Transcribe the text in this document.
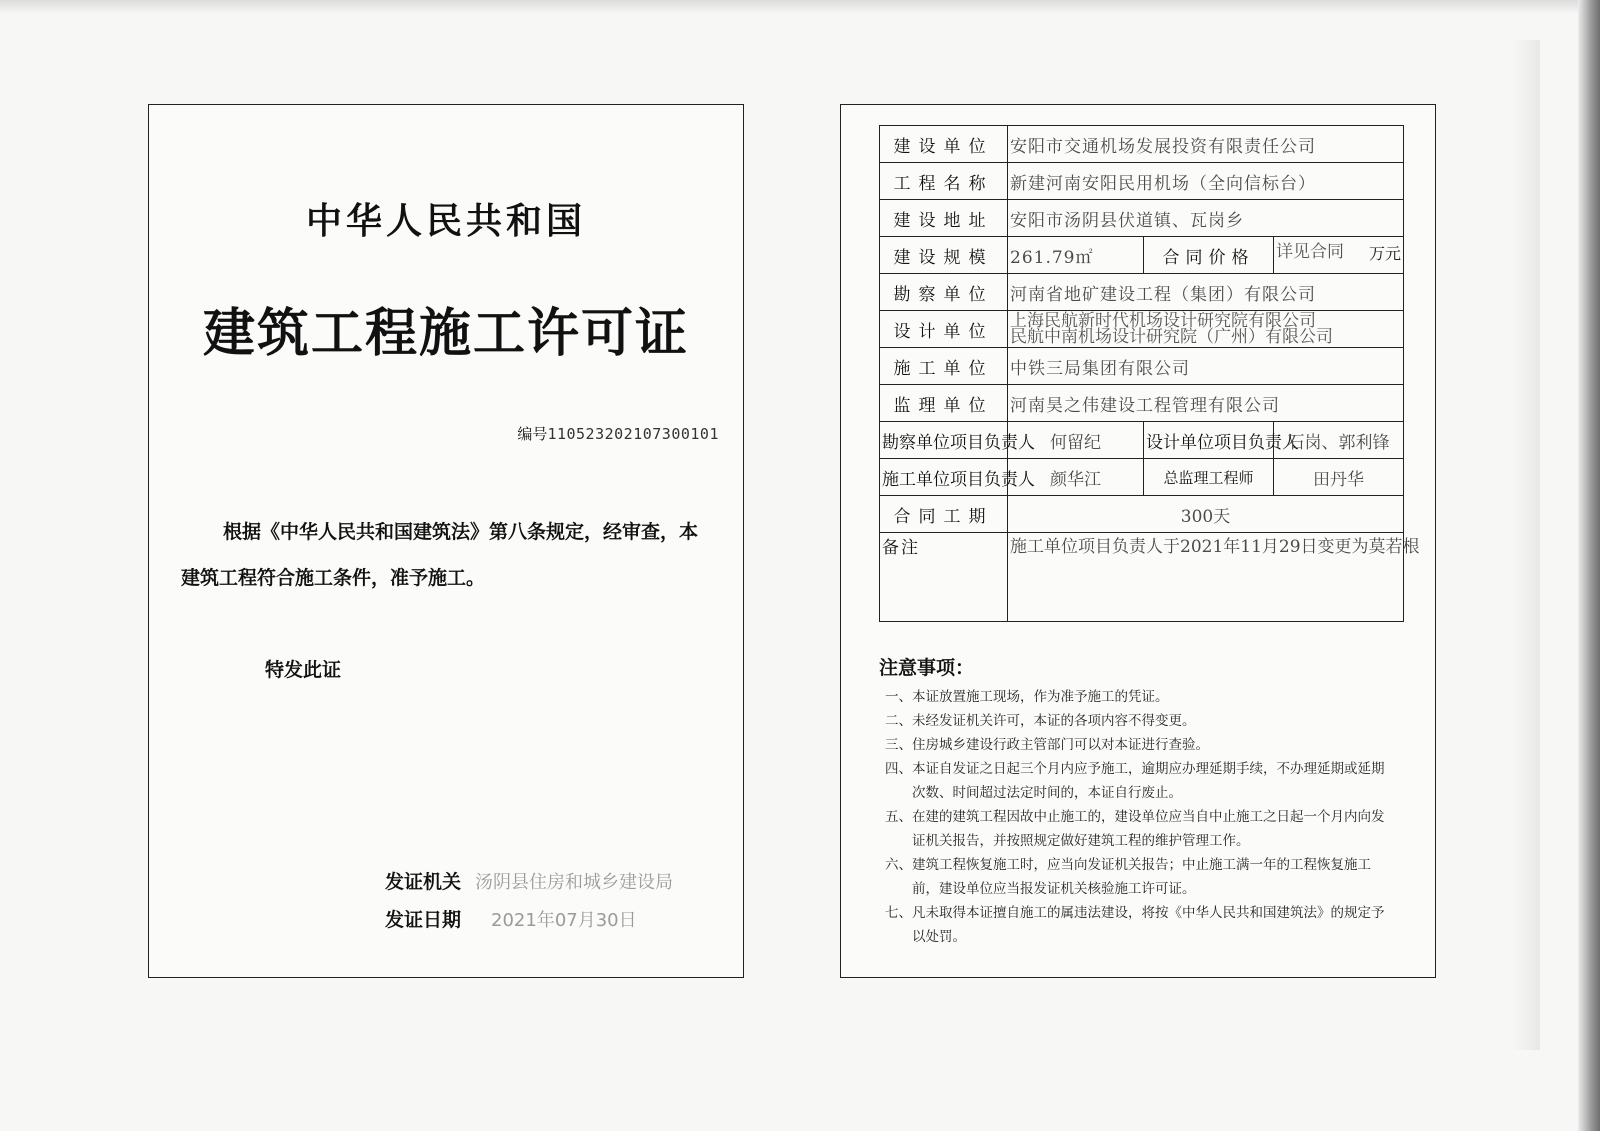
中华人民共和国
建筑工程施工许可证
编号110523202107300101
根据《中华人民共和国建筑法》第八条规定，经审查，本建筑工程符合施工条件，准予施工。
特发此证
发证机关 汤阴县住房和城乡建设局
发证日期 2021年07月30日
建设单位	安阳市交通机场发展投资有限责任公司		
工程名称	新建河南安阳民用机场（全向信标台）		
建设地址	安阳市汤阴县伏道镇、瓦岗乡		
建设规模	261.79㎡	合同价格	详见合同 万元

勘察单位	河南省地矿建设工程（集团）有限公司		
设计单位	上海民航新时代机场设计研究院有限公司
民航中南机场设计研究院（广州）有限公司		

施工单位	中铁三局集团有限公司		
监理单位	河南昊之伟建设工程管理有限公司		
勘察单位项目负责人	何留纪	设计单位项目负责人	石岗、郭利锋
施工单位项目负责人	颜华江	总监理工程师	田丹华
合同工期	300天		
备注	施工单位项目负责人于2021年11月29日变更为莫若根		
注意事项：
一、 本证放置施工现场，作为准予施工的凭证。
二、 未经发证机关许可，本证的各项内容不得变更。
三、 住房城乡建设行政主管部门可以对本证进行查验。
四、 本证自发证之日起三个月内应予施工，逾期应办理延期手续，不办理延期或延期次数、时间超过法定时间的，本证自行废止。
五、 在建的建筑工程因故中止施工的，建设单位应当自中止施工之日起一个月内向发证机关报告，并按照规定做好建筑工程的维护管理工作。
六、 建筑工程恢复施工时，应当向发证机关报告；中止施工满一年的工程恢复施工前，建设单位应当报发证机关核验施工许可证。
七、 凡未取得本证擅自施工的属违法建设，将按《中华人民共和国建筑法》的规定予以处罚。
